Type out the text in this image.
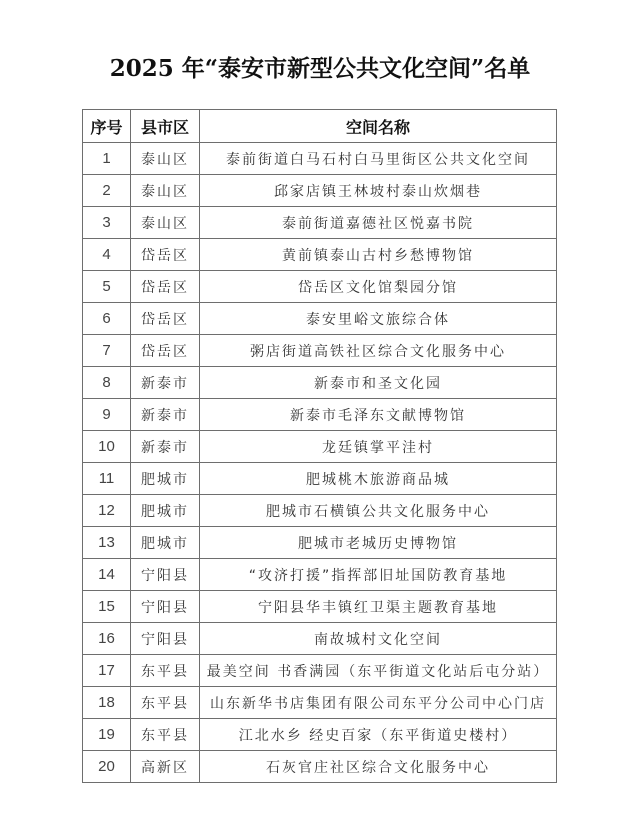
2025 年“泰安市新型公共文化空间”名单
序号	县市区	空间名称
1	泰山区	泰前街道白马石村白马里街区公共文化空间
2	泰山区	邱家店镇王林坡村泰山炊烟巷
3	泰山区	泰前街道嘉德社区悦嘉书院
4	岱岳区	黄前镇泰山古村乡愁博物馆
5	岱岳区	岱岳区文化馆梨园分馆
6	岱岳区	泰安里峪文旅综合体
7	岱岳区	粥店街道高铁社区综合文化服务中心
8	新泰市	新泰市和圣文化园
9	新泰市	新泰市毛泽东文献博物馆
10	新泰市	龙廷镇掌平洼村
11	肥城市	肥城桃木旅游商品城
12	肥城市	肥城市石横镇公共文化服务中心
13	肥城市	肥城市老城历史博物馆
14	宁阳县	“攻济打援”指挥部旧址国防教育基地
15	宁阳县	宁阳县华丰镇红卫渠主题教育基地
16	宁阳县	南故城村文化空间
17	东平县	最美空间 书香满园（东平街道文化站后屯分站）
18	东平县	山东新华书店集团有限公司东平分公司中心门店
19	东平县	江北水乡 经史百家（东平街道史楼村）
20	高新区	石灰官庄社区综合文化服务中心
